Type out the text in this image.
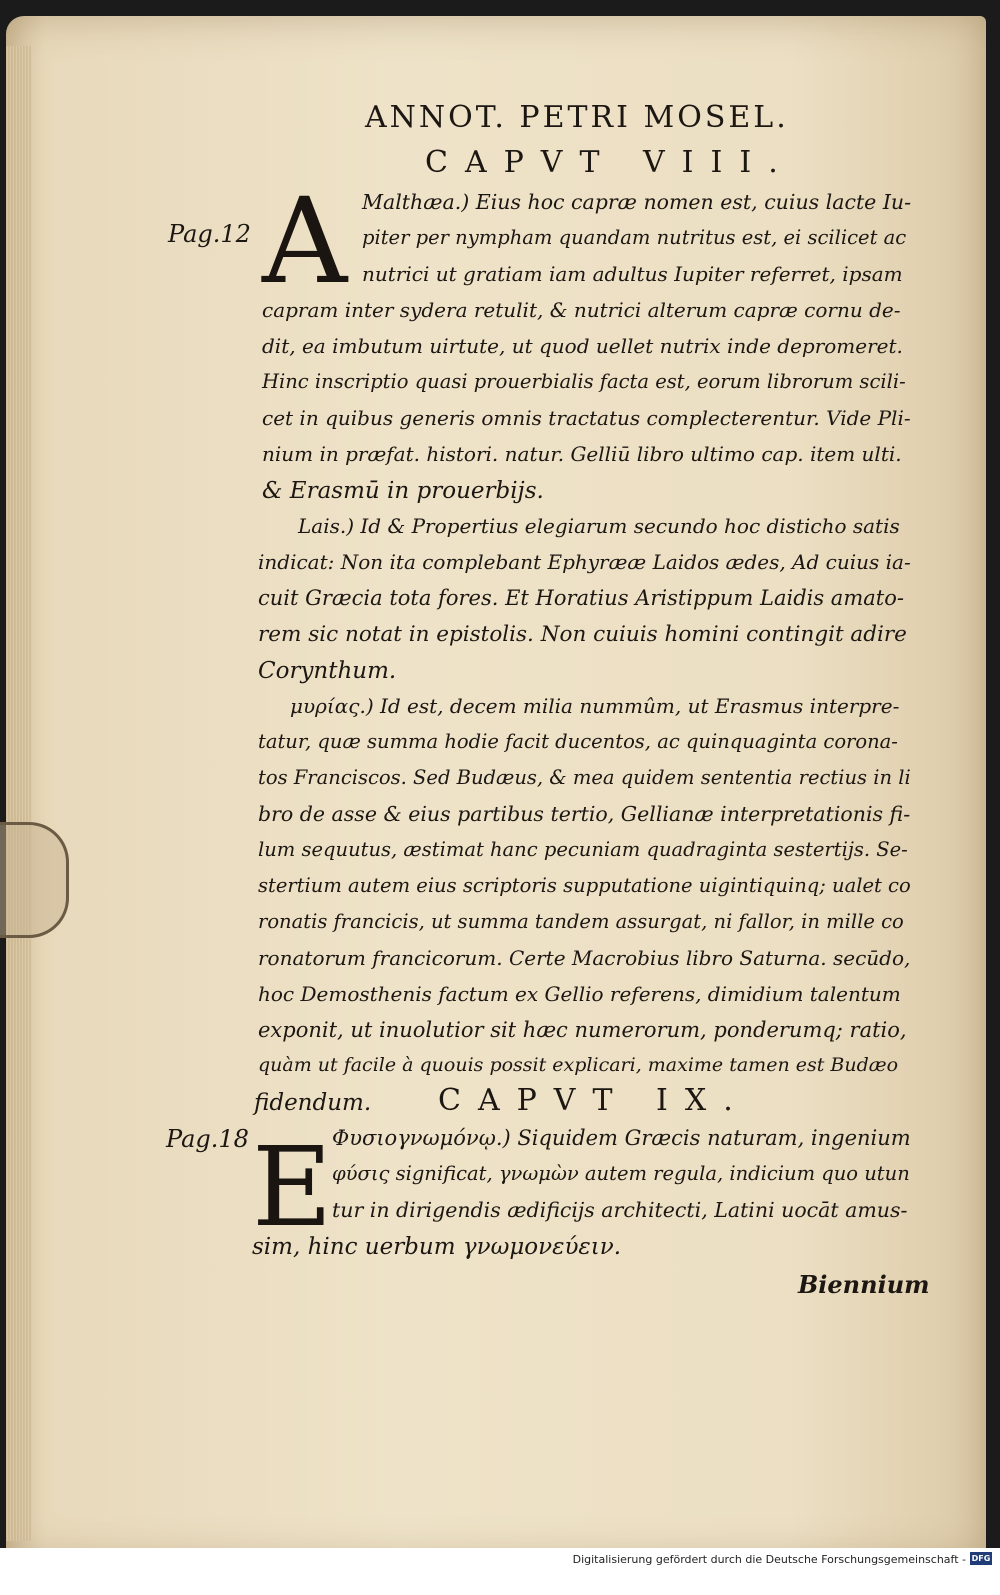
ANNOT. PETRI MOSEL.
CAPVT VIII.
Pag.12 A Malthæa.) Eius hoc capræ nomen est, cuius lacte Iu-
piter per nympham quandam nutritus est, ei scilicet ac
nutrici ut gratiam iam adultus Iupiter referret, ipsam
capram inter sydera retulit, & nutrici alterum capræ cornu de-
dit, ea imbutum uirtute, ut quod uellet nutrix inde depromeret.
Hinc inscriptio quasi prouerbialis facta est, eorum librorum scili-
cet in quibus generis omnis tractatus complecterentur. Vide Pli-
nium in præfat. histori. natur. Gelliū libro ultimo cap. item ulti.
& Erasmū in prouerbijs.
Lais.) Id & Propertius elegiarum secundo hoc disticho satis
indicat: Non ita complebant Ephyrææ Laidos ædes, Ad cuius ia-
cuit Græcia tota fores. Et Horatius Aristippum Laidis amato-
rem sic notat in epistolis. Non cuiuis homini contingit adire
Corynthum.
μυρίας.) Id est, decem milia nummûm, ut Erasmus interpre-
tatur, quæ summa hodie facit ducentos, ac quinquaginta corona-
tos Franciscos. Sed Budæus, & mea quidem sententia rectius in li
bro de asse & eius partibus tertio, Gellianæ interpretationis fi-
lum sequutus, æstimat hanc pecuniam quadraginta sestertijs. Se-
stertium autem eius scriptoris supputatione uigintiquinq; ualet co
ronatis francicis, ut summa tandem assurgat, ni fallor, in mille co
ronatorum francicorum. Certe Macrobius libro Saturna. secūdo,
hoc Demosthenis factum ex Gellio referens, dimidium talentum
exponit, ut inuolutior sit hæc numerorum, ponderumq; ratio,
quàm ut facile à quouis possit explicari, maxime tamen est Budæo
fidendum. CAPVT IX.
Pag.18 E Φυσιογνωμόνῳ.) Siquidem Græcis naturam, ingenium
φύσις significat, γνωμὼν autem regula, indicium quo utun
tur in dirigendis ædificijs architecti, Latini uocāt amus-
sim, hinc uerbum γνωμονεύειν.
Biennium
Digitalisierung gefördert durch die Deutsche Forschungsgemeinschaft - DFG
